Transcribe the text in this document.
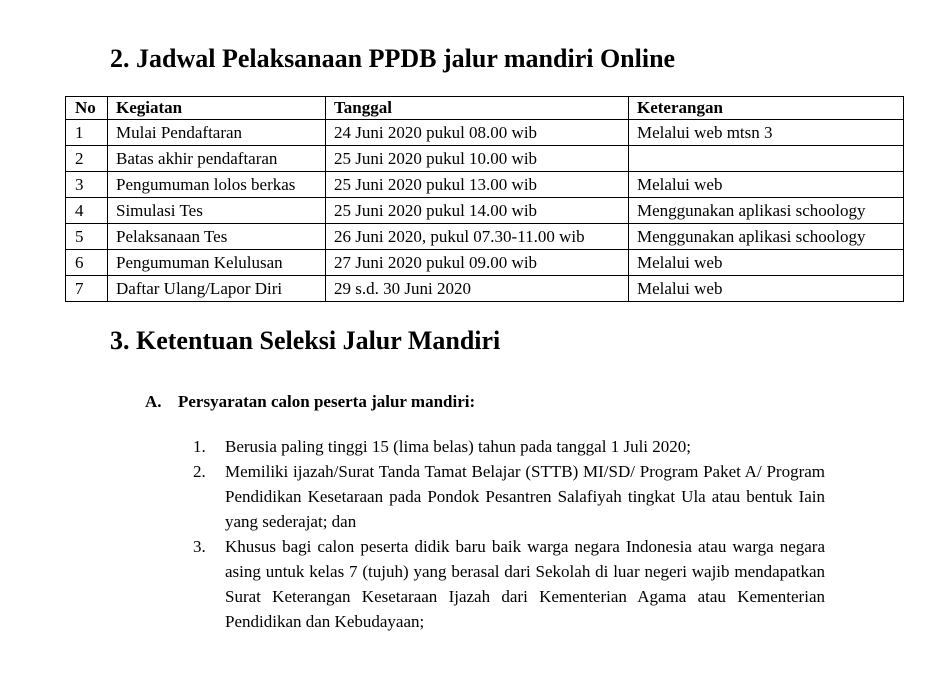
2. Jadwal Pelaksanaan PPDB jalur mandiri Online
No	Kegiatan	Tanggal	Keterangan
1	Mulai Pendaftaran	24 Juni 2020 pukul 08.00 wib	Melalui web mtsn 3
2	Batas akhir pendaftaran	25 Juni 2020 pukul 10.00 wib	
3	Pengumuman lolos berkas	25 Juni 2020 pukul 13.00 wib	Melalui web
4	Simulasi Tes	25 Juni 2020 pukul 14.00 wib	Menggunakan aplikasi schoology
5	Pelaksanaan Tes	26 Juni 2020, pukul 07.30-11.00 wib	Menggunakan aplikasi schoology
6	Pengumuman Kelulusan	27 Juni 2020 pukul 09.00 wib	Melalui web
7	Daftar Ulang/Lapor Diri	29 s.d. 30 Juni 2020	Melalui web
3. Ketentuan Seleksi Jalur Mandiri
A. Persyaratan calon peserta jalur mandiri:
1. Berusia paling tinggi 15 (lima belas) tahun pada tanggal 1 Juli 2020;
2. Memiliki ijazah/Surat Tanda Tamat Belajar (STTB) MI/SD/ Program Paket A/ Program Pendidikan Kesetaraan pada Pondok Pesantren Salafiyah tingkat Ula atau bentuk Iain yang sederajat; dan
3. Khusus bagi calon peserta didik baru baik warga negara Indonesia atau warga negara asing untuk kelas 7 (tujuh) yang berasal dari Sekolah di luar negeri wajib mendapatkan Surat Keterangan Kesetaraan Ijazah dari Kementerian Agama atau Kementerian Pendidikan dan Kebudayaan;
